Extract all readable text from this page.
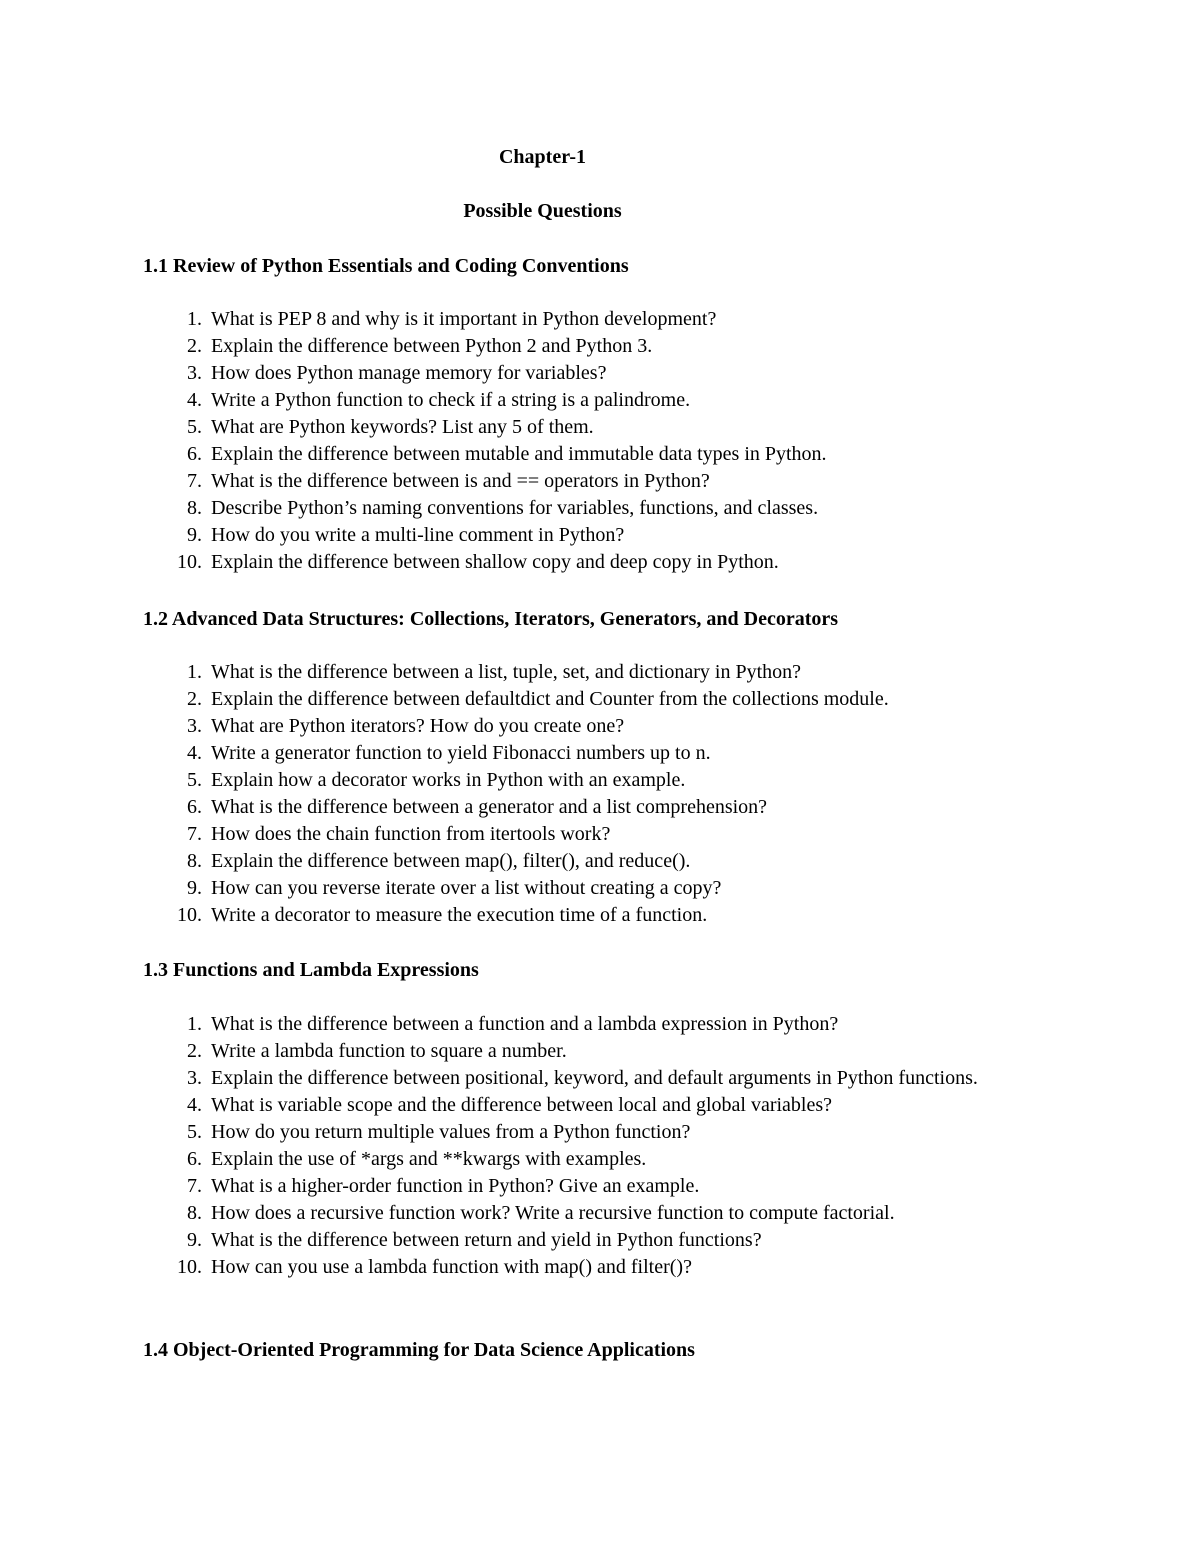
Chapter-1
Possible Questions
1.1 Review of Python Essentials and Coding Conventions
1. What is PEP 8 and why is it important in Python development?
2. Explain the difference between Python 2 and Python 3.
3. How does Python manage memory for variables?
4. Write a Python function to check if a string is a palindrome.
5. What are Python keywords? List any 5 of them.
6. Explain the difference between mutable and immutable data types in Python.
7. What is the difference between is and == operators in Python?
8. Describe Python’s naming conventions for variables, functions, and classes.
9. How do you write a multi-line comment in Python?
10. Explain the difference between shallow copy and deep copy in Python.
1.2 Advanced Data Structures: Collections, Iterators, Generators, and Decorators
1. What is the difference between a list, tuple, set, and dictionary in Python?
2. Explain the difference between defaultdict and Counter from the collections module.
3. What are Python iterators? How do you create one?
4. Write a generator function to yield Fibonacci numbers up to n.
5. Explain how a decorator works in Python with an example.
6. What is the difference between a generator and a list comprehension?
7. How does the chain function from itertools work?
8. Explain the difference between map(), filter(), and reduce().
9. How can you reverse iterate over a list without creating a copy?
10. Write a decorator to measure the execution time of a function.
1.3 Functions and Lambda Expressions
1. What is the difference between a function and a lambda expression in Python?
2. Write a lambda function to square a number.
3. Explain the difference between positional, keyword, and default arguments in Python functions.
4. What is variable scope and the difference between local and global variables?
5. How do you return multiple values from a Python function?
6. Explain the use of *args and **kwargs with examples.
7. What is a higher-order function in Python? Give an example.
8. How does a recursive function work? Write a recursive function to compute factorial.
9. What is the difference between return and yield in Python functions?
10. How can you use a lambda function with map() and filter()?
1.4 Object-Oriented Programming for Data Science Applications
